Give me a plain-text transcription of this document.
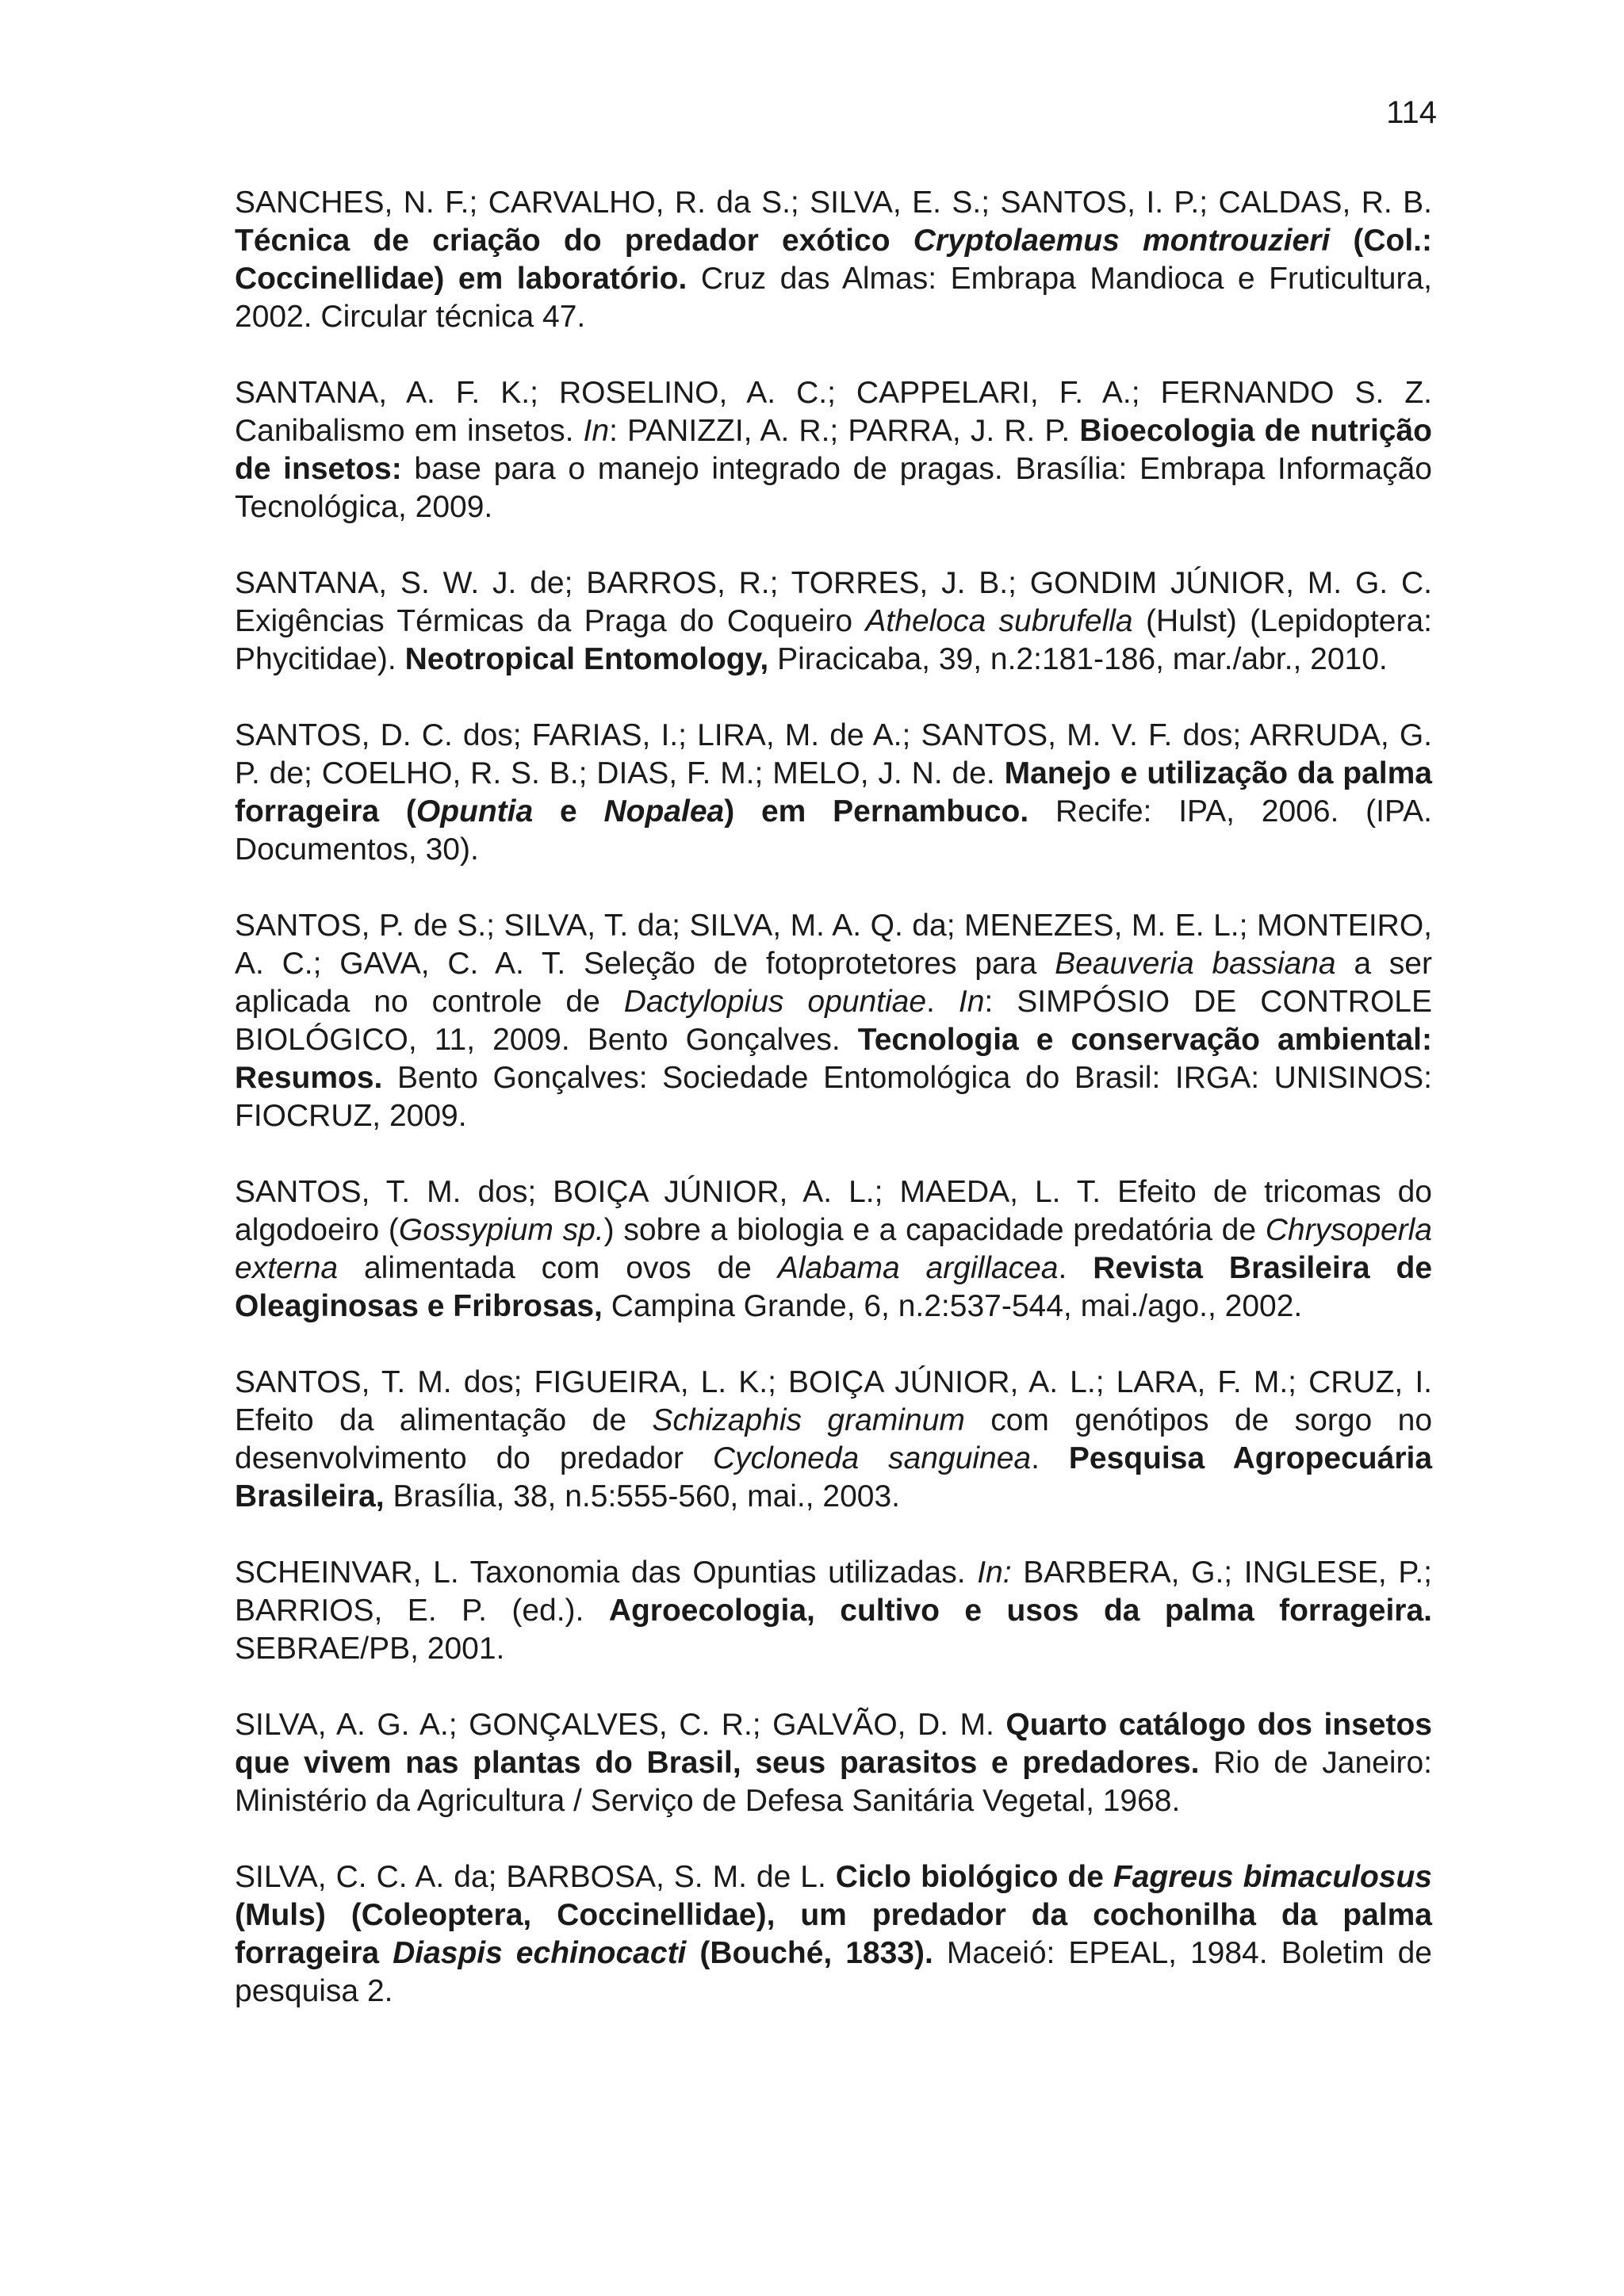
114

SANCHES, N. F.; CARVALHO, R. da S.; SILVA, E. S.; SANTOS, I. P.; CALDAS, R. B. Técnica de criação do predador exótico Cryptolaemus montrouzieri (Col.: Coccinellidae) em laboratório. Cruz das Almas: Embrapa Mandioca e Fruticultura, 2002. Circular técnica 47.

SANTANA, A. F. K.; ROSELINO, A. C.; CAPPELARI, F. A.; FERNANDO S. Z. Canibalismo em insetos. In: PANIZZI, A. R.; PARRA, J. R. P. Bioecologia de nutrição de insetos: base para o manejo integrado de pragas. Brasília: Embrapa Informação Tecnológica, 2009.

SANTANA, S. W. J. de; BARROS, R.; TORRES, J. B.; GONDIM JÚNIOR, M. G. C. Exigências Térmicas da Praga do Coqueiro Atheloca subrufella (Hulst) (Lepidoptera: Phycitidae). Neotropical Entomology, Piracicaba, 39, n.2:181-186, mar./abr., 2010.

SANTOS, D. C. dos; FARIAS, I.; LIRA, M. de A.; SANTOS, M. V. F. dos; ARRUDA, G. P. de; COELHO, R. S. B.; DIAS, F. M.; MELO, J. N. de. Manejo e utilização da palma forrageira (Opuntia e Nopalea) em Pernambuco. Recife: IPA, 2006. (IPA. Documentos, 30).

SANTOS, P. de S.; SILVA, T. da; SILVA, M. A. Q. da; MENEZES, M. E. L.; MONTEIRO, A. C.; GAVA, C. A. T. Seleção de fotoprotetores para Beauveria bassiana a ser aplicada no controle de Dactylopius opuntiae. In: SIMPÓSIO DE CONTROLE BIOLÓGICO, 11, 2009. Bento Gonçalves. Tecnologia e conservação ambiental: Resumos. Bento Gonçalves: Sociedade Entomológica do Brasil: IRGA: UNISINOS: FIOCRUZ, 2009.

SANTOS, T. M. dos; BOIÇA JÚNIOR, A. L.; MAEDA, L. T. Efeito de tricomas do algodoeiro (Gossypium sp.) sobre a biologia e a capacidade predatória de Chrysoperla externa alimentada com ovos de Alabama argillacea. Revista Brasileira de Oleaginosas e Fribrosas, Campina Grande, 6, n.2:537-544, mai./ago., 2002.

SANTOS, T. M. dos; FIGUEIRA, L. K.; BOIÇA JÚNIOR, A. L.; LARA, F. M.; CRUZ, I. Efeito da alimentação de Schizaphis graminum com genótipos de sorgo no desenvolvimento do predador Cycloneda sanguinea. Pesquisa Agropecuária Brasileira, Brasília, 38, n.5:555-560, mai., 2003.

SCHEINVAR, L. Taxonomia das Opuntias utilizadas. In: BARBERA, G.; INGLESE, P.; BARRIOS, E. P. (ed.). Agroecologia, cultivo e usos da palma forrageira. SEBRAE/PB, 2001.

SILVA, A. G. A.; GONÇALVES, C. R.; GALVÃO, D. M. Quarto catálogo dos insetos que vivem nas plantas do Brasil, seus parasitos e predadores. Rio de Janeiro: Ministério da Agricultura / Serviço de Defesa Sanitária Vegetal, 1968.

SILVA, C. C. A. da; BARBOSA, S. M. de L. Ciclo biológico de Fagreus bimaculosus (Muls) (Coleoptera, Coccinellidae), um predador da cochonilha da palma forrageira Diaspis echinocacti (Bouché, 1833). Maceió: EPEAL, 1984. Boletim de pesquisa 2.
